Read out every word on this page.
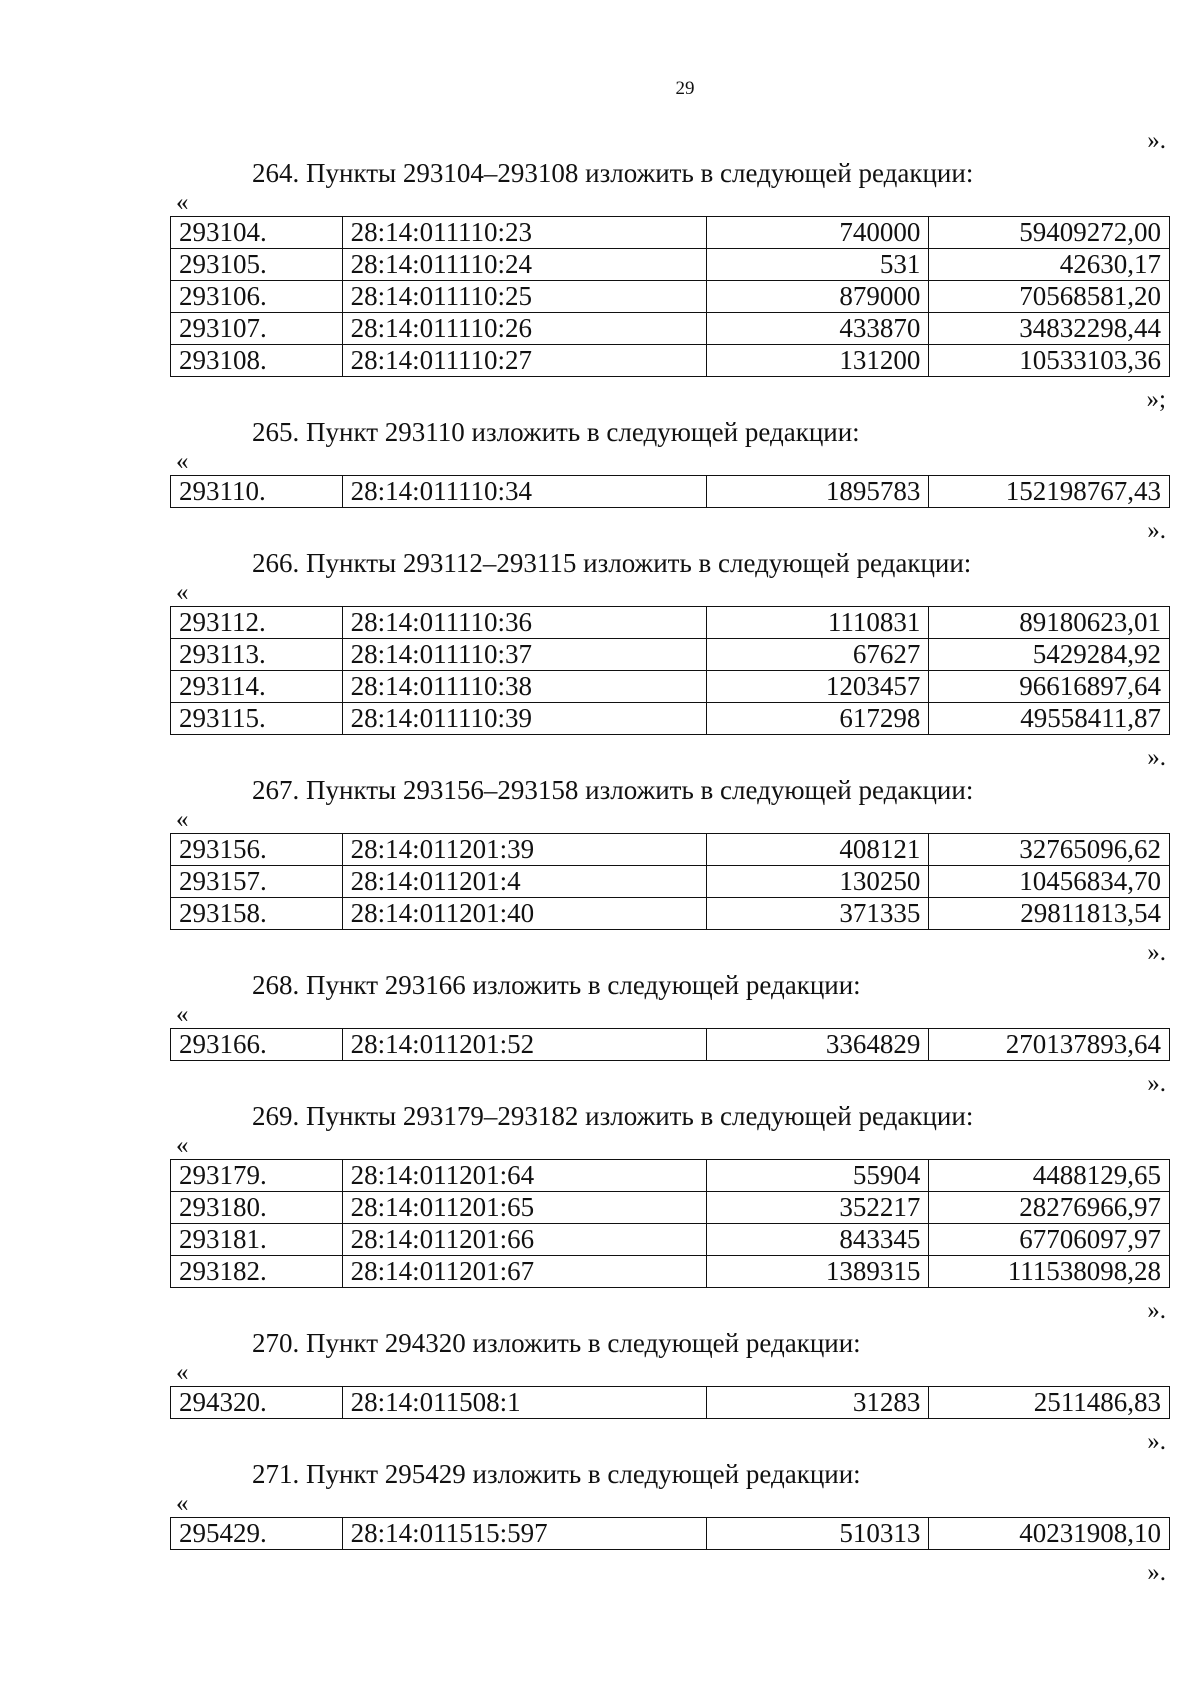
29
».
264. Пункты 293104–293108 изложить в следующей редакции:
«
293104.	28:14:011110:23	740000	59409272,00
293105.	28:14:011110:24	531	42630,17
293106.	28:14:011110:25	879000	70568581,20
293107.	28:14:011110:26	433870	34832298,44
293108.	28:14:011110:27	131200	10533103,36
»;
265. Пункт 293110 изложить в следующей редакции:
«
293110.	28:14:011110:34	1895783	152198767,43
».
266. Пункты 293112–293115 изложить в следующей редакции:
«
293112.	28:14:011110:36	1110831	89180623,01
293113.	28:14:011110:37	67627	5429284,92
293114.	28:14:011110:38	1203457	96616897,64
293115.	28:14:011110:39	617298	49558411,87
».
267. Пункты 293156–293158 изложить в следующей редакции:
«
293156.	28:14:011201:39	408121	32765096,62
293157.	28:14:011201:4	130250	10456834,70
293158.	28:14:011201:40	371335	29811813,54
».
268. Пункт 293166 изложить в следующей редакции:
«
293166.	28:14:011201:52	3364829	270137893,64
».
269. Пункты 293179–293182 изложить в следующей редакции:
«
293179.	28:14:011201:64	55904	4488129,65
293180.	28:14:011201:65	352217	28276966,97
293181.	28:14:011201:66	843345	67706097,97
293182.	28:14:011201:67	1389315	111538098,28
».
270. Пункт 294320 изложить в следующей редакции:
«
294320.	28:14:011508:1	31283	2511486,83
».
271. Пункт 295429 изложить в следующей редакции:
«
295429.	28:14:011515:597	510313	40231908,10
».
